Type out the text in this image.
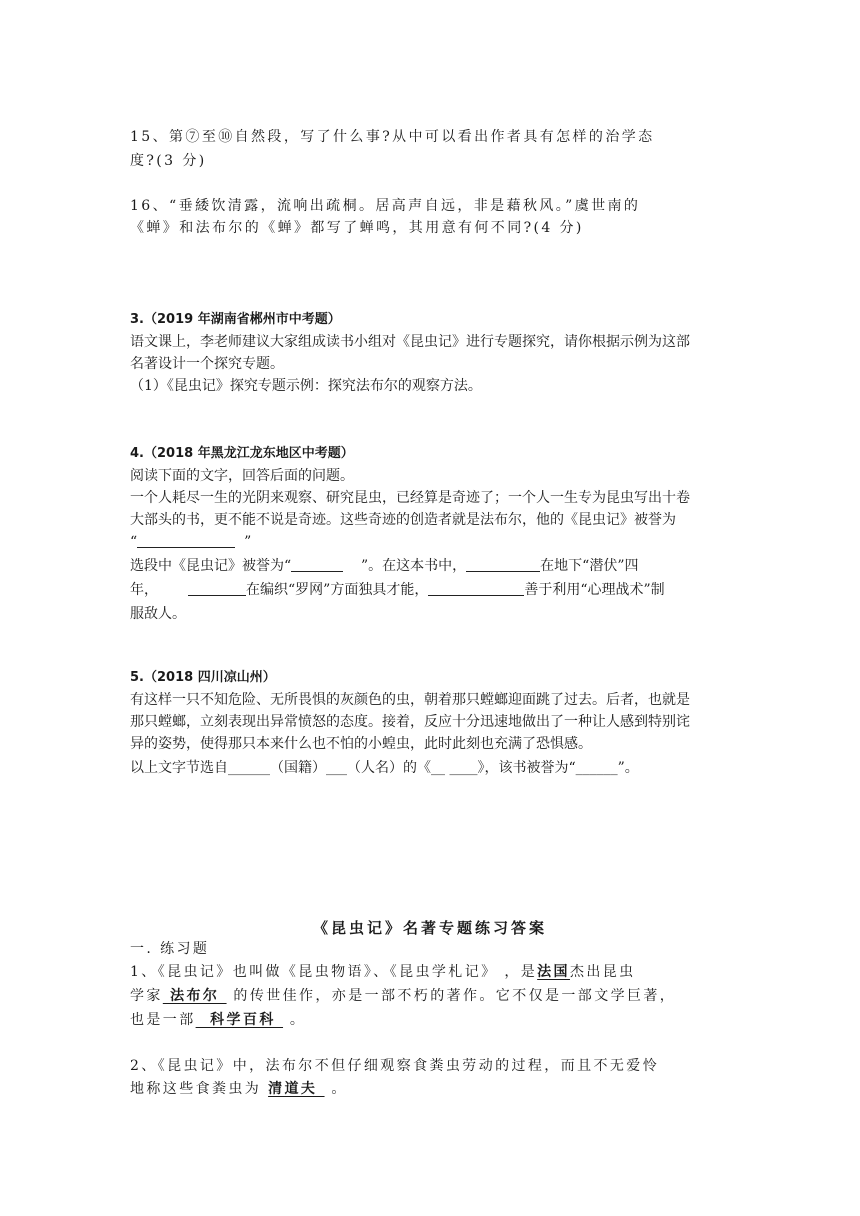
15、第⑦至⑩自然段，写了什么事?从中可以看出作者具有怎样的治学态
度?(3 分)
16、“垂緌饮清露，流响出疏桐。居高声自远，非是藉秋风。”虞世南的
《蝉》和法布尔的《蝉》都写了蝉鸣，其用意有何不同?(4 分)
3.（2019 年湖南省郴州市中考题）
语文课上，李老师建议大家组成读书小组对《昆虫记》进行专题探究，请你根据示例为这部
名著设计一个探究专题。
（1）《昆虫记》探究专题示例：探究法布尔的观察方法。
4.（2018 年黑龙江龙东地区中考题）
阅读下面的文字，回答后面的问题。
一个人耗尽一生的光阴来观察、研究昆虫，已经算是奇迹了；一个人一生专为昆虫写出十卷
大部头的书，更不能不说是奇迹。这些奇迹的创造者就是法布尔，他的《昆虫记》被誉为
“	”
选段中《昆虫记》被誉为“	”。在这本书中，	在地下“潜伏”四
年，	在编织“罗网”方面独具才能，	善于利用“心理战术”制
服敌人。
5.（2018 四川凉山州）
有这样一只不知危险、无所畏惧的灰颜色的虫，朝着那只螳螂迎面跳了过去。后者，也就是
那只螳螂，立刻表现出异常愤怒的态度。接着，反应十分迅速地做出了一种让人感到特别诧
异的姿势，使得那只本来什么也不怕的小蝗虫，此时此刻也充满了恐惧感。
以上文字节选自______（国籍）___（人名）的《__ ____》，该书被誉为“______”。
《昆虫记》名著专题练习答案
一. 练习题
1、《昆虫记》也叫做《昆虫物语》、《昆虫学札记》 ，是法国杰出昆虫
学家 法布尔  的传世佳作，亦是一部不朽的著作。它不仅是一部文学巨著，
也是一部  科学百科  。
2、《昆虫记》中，法布尔不但仔细观察食粪虫劳动的过程，而且不无爱怜
地称这些食粪虫为 清道夫  。
